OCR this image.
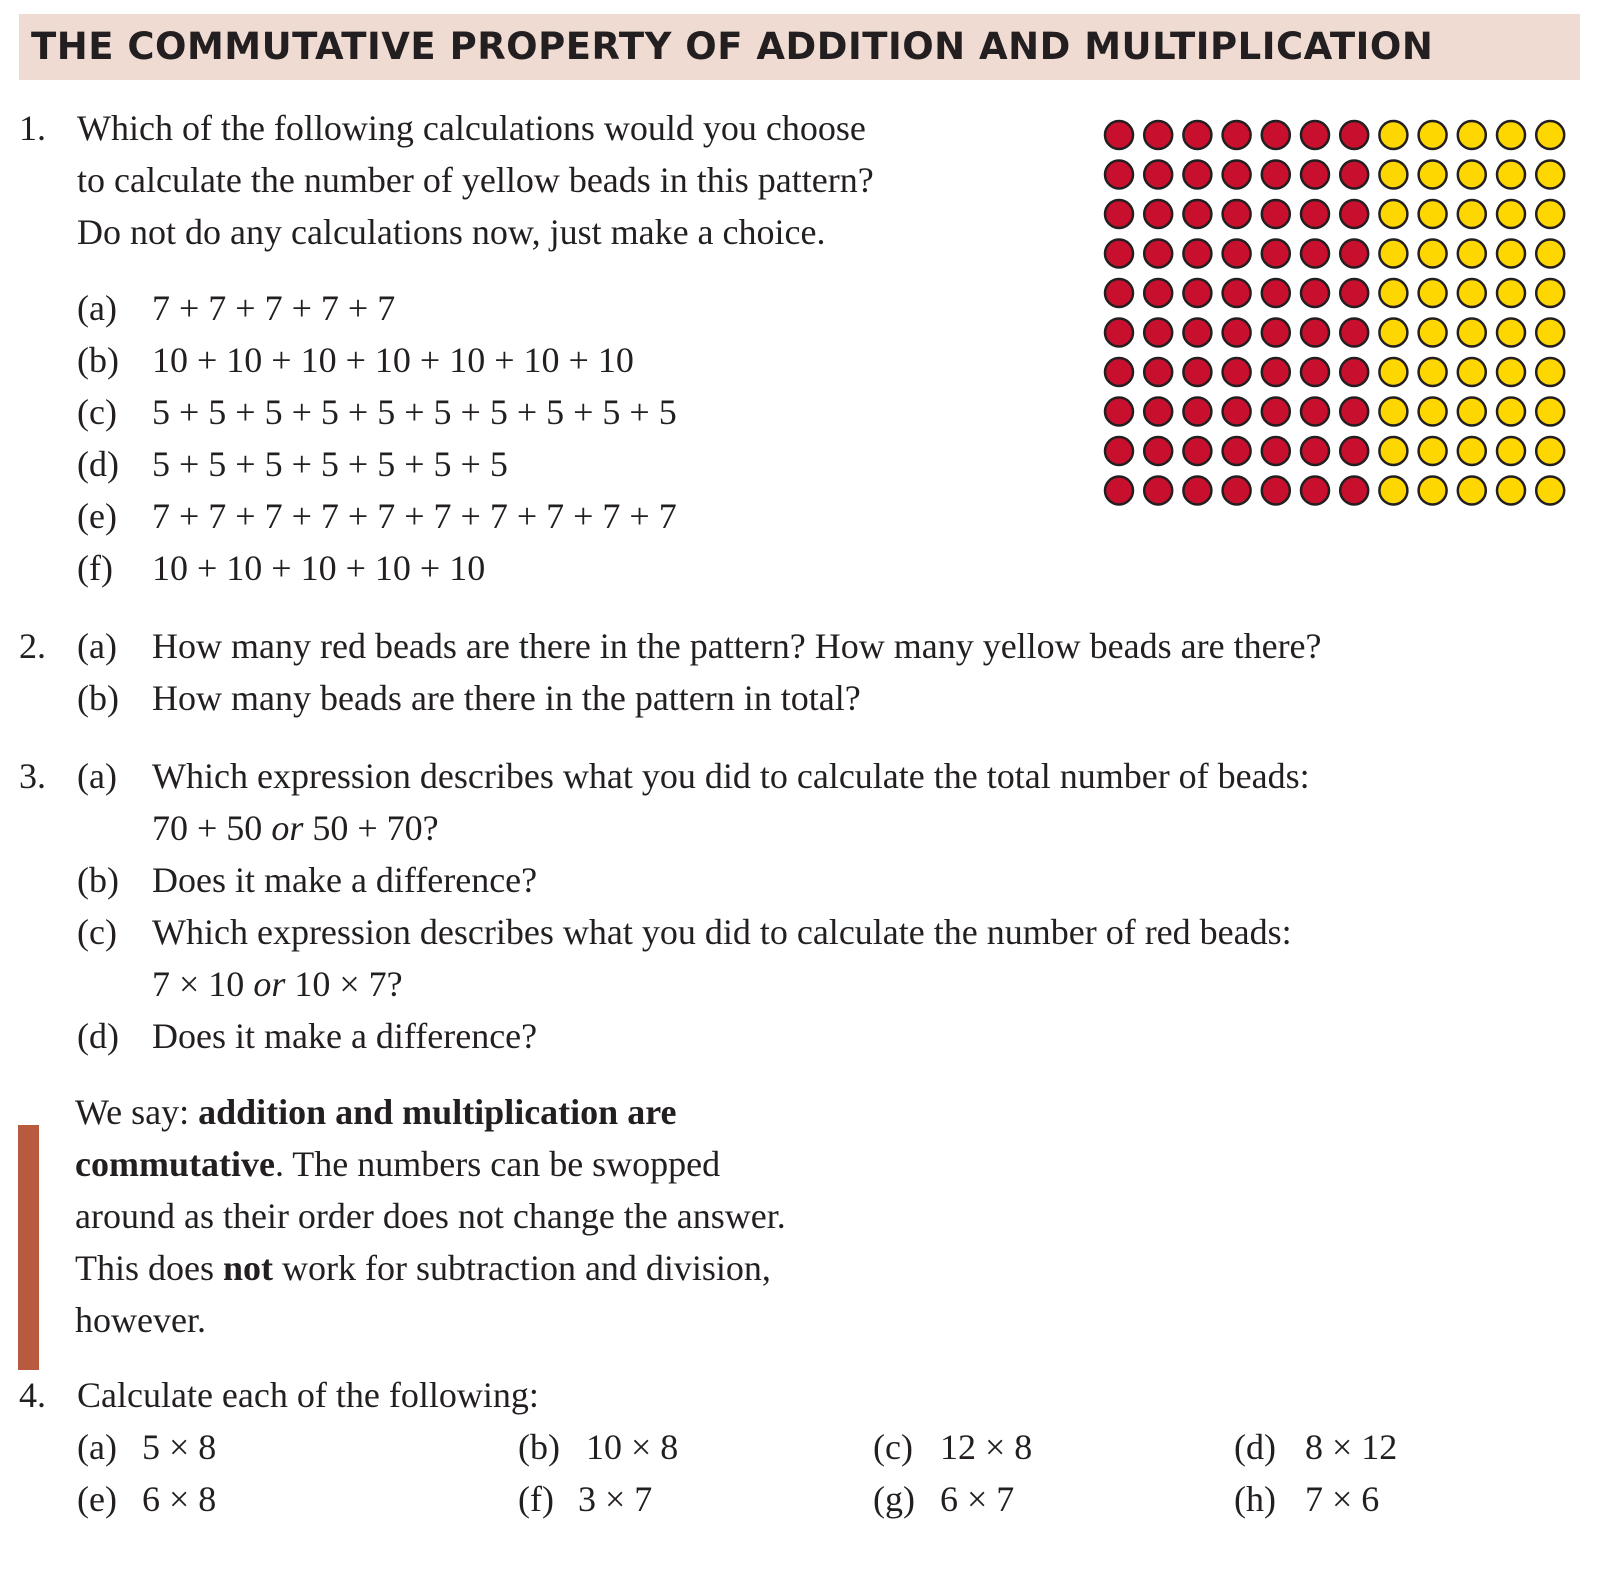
THE COMMUTATIVE PROPERTY OF ADDITION AND MULTIPLICATION
1. Which of the following calculations would you choose
to calculate the number of yellow beads in this pattern?
Do not do any calculations now, just make a choice.
(a) 7 + 7 + 7 + 7 + 7
(b) 10 + 10 + 10 + 10 + 10 + 10 + 10
(c) 5 + 5 + 5 + 5 + 5 + 5 + 5 + 5 + 5 + 5
(d) 5 + 5 + 5 + 5 + 5 + 5 + 5
(e) 7 + 7 + 7 + 7 + 7 + 7 + 7 + 7 + 7 + 7
(f) 10 + 10 + 10 + 10 + 10
2. (a) How many red beads are there in the pattern? How many yellow beads are there?
(b) How many beads are there in the pattern in total?
3. (a) Which expression describes what you did to calculate the total number of beads:
70 + 50 or 50 + 70?
(b) Does it make a difference?
(c) Which expression describes what you did to calculate the number of red beads:
7 × 10 or 10 × 7?
(d) Does it make a difference?
We say: addition and multiplication are
commutative. The numbers can be swopped
around as their order does not change the answer.
This does not work for subtraction and division,
however.
4. Calculate each of the following:
(a) 5 × 8	(b) 10 × 8	(c) 12 × 8	(d) 8 × 12
(e) 6 × 8	(f) 3 × 7	(g) 6 × 7	(h) 7 × 6
